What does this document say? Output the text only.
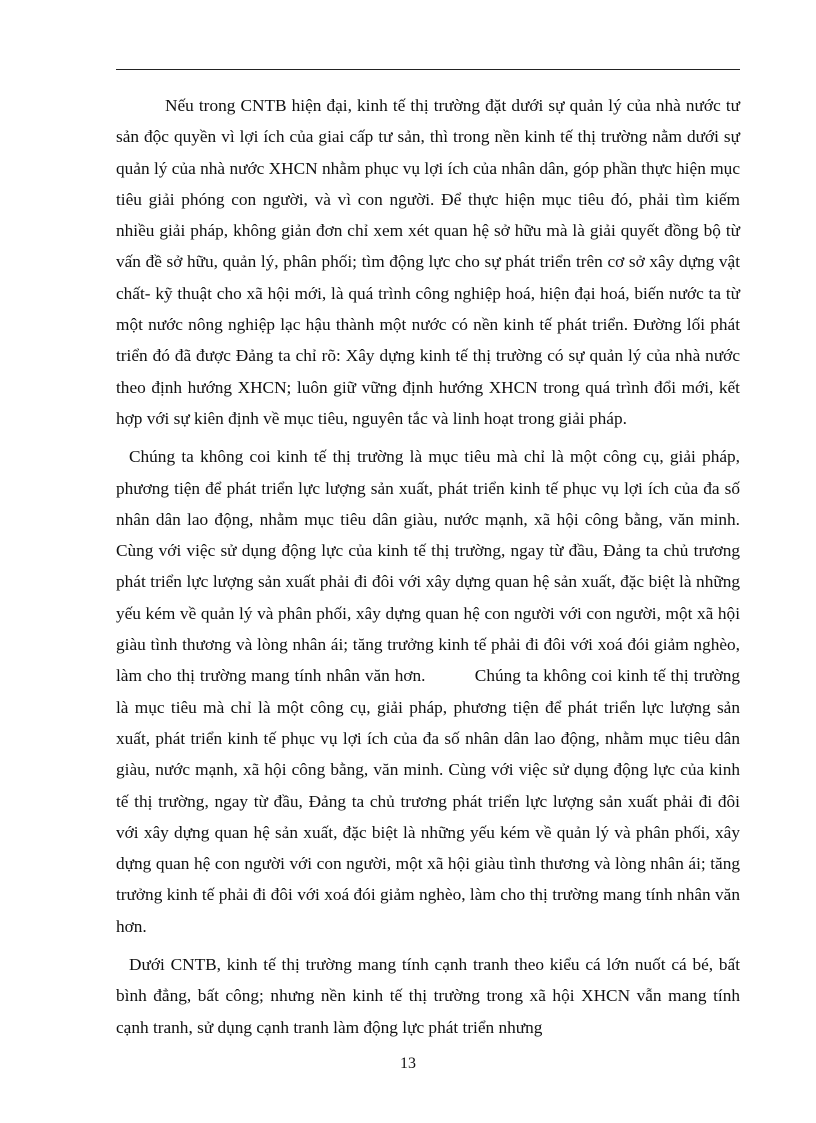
Nếu trong CNTB hiện đại, kinh tế thị trường đặt dưới sự quản lý của nhà nước tư sản độc quyền vì lợi ích của giai cấp tư sản, thì trong nền kinh tế thị trường nằm dưới sự quản lý của nhà nước XHCN nhằm phục vụ lợi ích của nhân dân, góp phần thực hiện mục tiêu giải phóng con người, và vì con người. Để thực hiện mục tiêu đó, phải tìm kiếm nhiều giải pháp, không giản đơn chỉ xem xét quan hệ sở hữu mà là giải quyết đồng bộ từ vấn đề sở hữu, quản lý, phân phối; tìm động lực cho sự phát triển trên cơ sở xây dựng vật chất- kỹ thuật cho xã hội mới, là quá trình công nghiệp hoá, hiện đại hoá, biến nước ta từ một nước nông nghiệp lạc hậu thành một nước có nền kinh tế phát triển. Đường lối phát triển đó đã được Đảng ta chỉ rõ: Xây dựng kinh tế thị trường có sự quản lý của nhà nước theo định hướng XHCN; luôn giữ vững định hướng XHCN trong quá trình đổi mới, kết hợp với sự kiên định về mục tiêu, nguyên tắc và linh hoạt trong giải pháp.

Chúng ta không coi kinh tế thị trường là mục tiêu mà chỉ là một công cụ, giải pháp, phương tiện để phát triển lực lượng sản xuất, phát triển kinh tế phục vụ lợi ích của đa số nhân dân lao động, nhằm mục tiêu dân giàu, nước mạnh, xã hội công bằng, văn minh. Cùng với việc sử dụng động lực của kinh tế thị trường, ngay từ đầu, Đảng ta chủ trương phát triển lực lượng sản xuất phải đi đôi với xây dựng quan hệ sản xuất, đặc biệt là những yếu kém về quản lý và phân phối, xây dựng quan hệ con người với con người, một xã hội giàu tình thương và lòng nhân ái; tăng trưởng kinh tế phải đi đôi với xoá đói giảm nghèo, làm cho thị trường mang tính nhân văn hơn.          Chúng ta không coi kinh tế thị trường là mục tiêu mà chỉ là một công cụ, giải pháp, phương tiện để phát triển lực lượng sản xuất, phát triển kinh tế phục vụ lợi ích của đa số nhân dân lao động, nhằm mục tiêu dân giàu, nước mạnh, xã hội công bằng, văn minh. Cùng với việc sử dụng động lực của kinh tế thị trường, ngay từ đầu, Đảng ta chủ trương phát triển lực lượng sản xuất phải đi đôi với xây dựng quan hệ sản xuất, đặc biệt là những yếu kém về quản lý và phân phối, xây dựng quan hệ con người với con người, một xã hội giàu tình thương và lòng nhân ái; tăng trưởng kinh tế phải đi đôi với xoá đói giảm nghèo, làm cho thị trường mang tính nhân văn hơn.

Dưới CNTB, kinh tế thị trường mang tính cạnh tranh theo kiểu cá lớn nuốt cá bé, bất bình đẳng, bất công; nhưng nền kinh tế thị trường trong xã hội XHCN vẫn mang tính cạnh tranh, sử dụng cạnh tranh làm động lực phát triển nhưng

13
